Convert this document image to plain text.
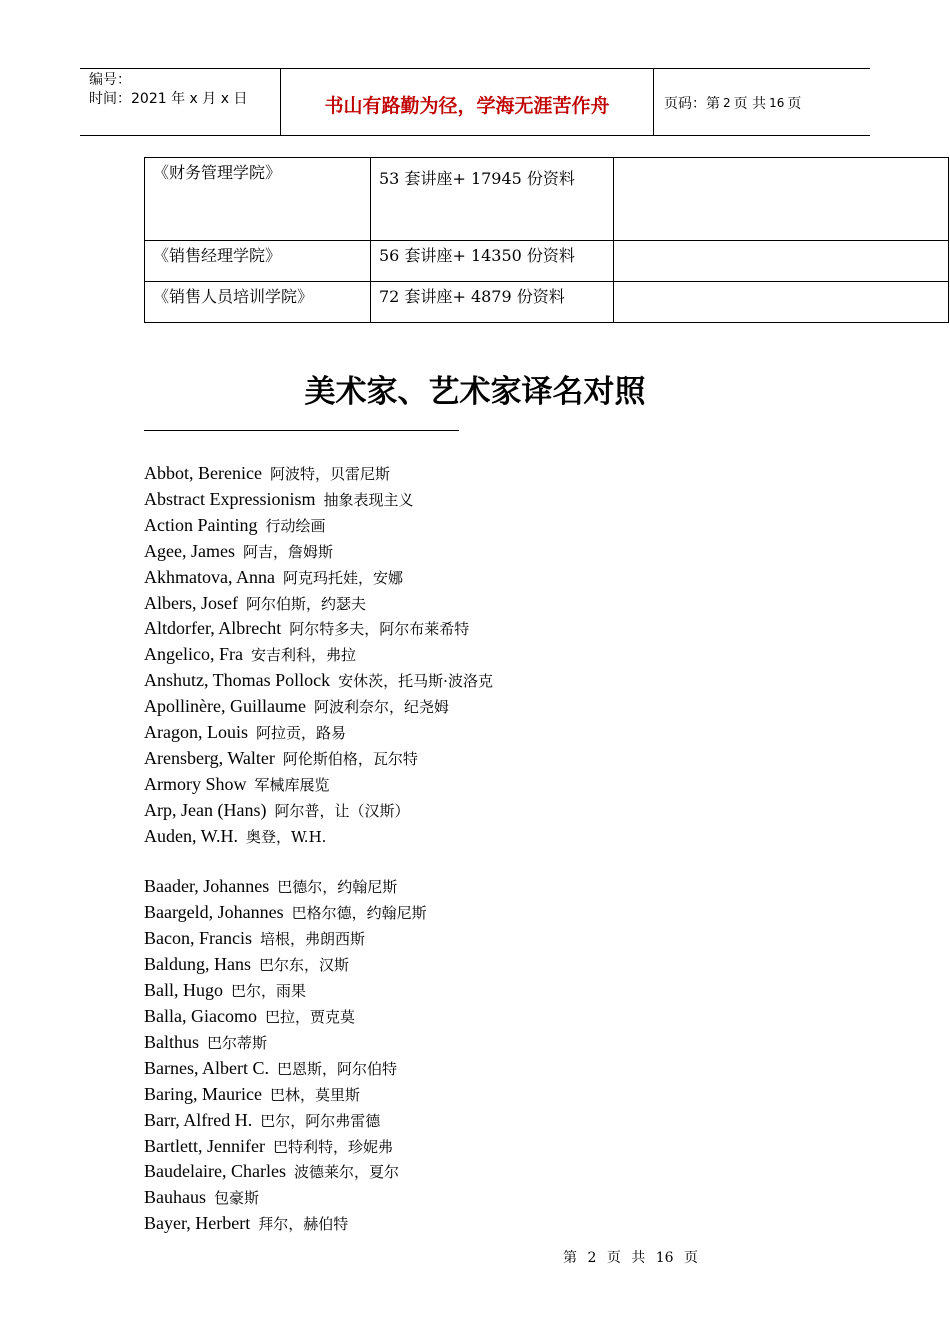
编号：
时间：2021 年 x 月 x 日	书山有路勤为径，学海无涯苦作舟	页码：第 2 页 共 16 页
《财务管理学院》	53 套讲座+ 17945 份资料	
《销售经理学院》	56 套讲座+ 14350 份资料	
《销售人员培训学院》	72 套讲座+ 4879 份资料	
美术家、艺术家译名对照
Abbot, Berenice 阿波特，贝雷尼斯
Abstract Expressionism 抽象表现主义
Action Painting 行动绘画
Agee, James 阿吉，詹姆斯
Akhmatova, Anna 阿克玛托娃，安娜
Albers, Josef 阿尔伯斯，约瑟夫
Altdorfer, Albrecht 阿尔特多夫，阿尔布莱希特
Angelico, Fra 安吉利科，弗拉
Anshutz, Thomas Pollock 安休茨，托马斯·波洛克
Apollinère, Guillaume 阿波利奈尔，纪尧姆
Aragon, Louis 阿拉贡，路易
Arensberg, Walter 阿伦斯伯格，瓦尔特
Armory Show 军械库展览
Arp, Jean (Hans) 阿尔普，让（汉斯）
Auden, W.H. 奥登，W.H.
Baader, Johannes 巴德尔，约翰尼斯
Baargeld, Johannes 巴格尔德，约翰尼斯
Bacon, Francis 培根，弗朗西斯
Baldung, Hans 巴尔东，汉斯
Ball, Hugo 巴尔，雨果
Balla, Giacomo 巴拉，贾克莫
Balthus 巴尔蒂斯
Barnes, Albert C. 巴恩斯，阿尔伯特
Baring, Maurice 巴林，莫里斯
Barr, Alfred H. 巴尔，阿尔弗雷德
Bartlett, Jennifer 巴特利特，珍妮弗
Baudelaire, Charles 波德莱尔，夏尔
Bauhaus 包豪斯
Bayer, Herbert 拜尔，赫伯特
第 2 页 共 16 页
